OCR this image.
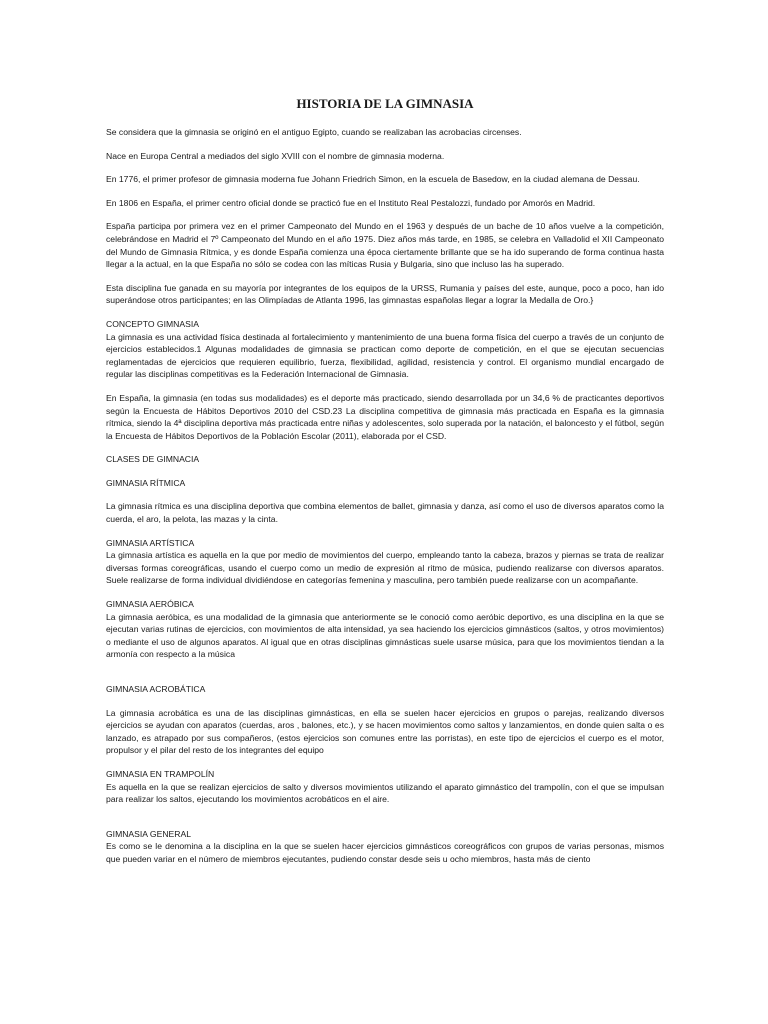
HISTORIA DE LA GIMNASIA

Se considera que la gimnasia se originó en el antiguo Egipto, cuando se realizaban las acrobacias circenses.

Nace en Europa Central a mediados del siglo XVIII con el nombre de gimnasia moderna.

En 1776, el primer profesor de gimnasia moderna fue Johann Friedrich Simon, en la escuela de Basedow, en la ciudad alemana de Dessau.

En 1806 en España, el primer centro oficial donde se practicó fue en el Instituto Real Pestalozzi, fundado por Amorós en Madrid.

España participa por primera vez en el primer Campeonato del Mundo en el 1963 y después de un bache de 10 años vuelve a la competición, celebrándose en Madrid el 7º Campeonato del Mundo en el año 1975. Diez años más tarde, en 1985, se celebra en Valladolid el XII Campeonato del Mundo de Gimnasia Rítmica, y es donde España comienza una época ciertamente brillante que se ha ido superando de forma continua hasta llegar a la actual, en la que España no sólo se codea con las míticas Rusia y Bulgaria, sino que incluso las ha superado.

Esta disciplina fue ganada en su mayoría por integrantes de los equipos de la URSS, Rumania y países del este, aunque, poco a poco, han ido superándose otros participantes; en las Olimpíadas de Atlanta 1996, las gimnastas españolas llegar a lograr la Medalla de Oro.}

CONCEPTO GIMNASIA

La gimnasia es una actividad física destinada al fortalecimiento y mantenimiento de una buena forma física del cuerpo a través de un conjunto de ejercicios establecidos.1 Algunas modalidades de gimnasia se practican como deporte de competición, en el que se ejecutan secuencias reglamentadas de ejercicios que requieren equilibrio, fuerza, flexibilidad, agilidad, resistencia y control. El organismo mundial encargado de regular las disciplinas competitivas es la Federación Internacional de Gimnasia.

En España, la gimnasia (en todas sus modalidades) es el deporte más practicado, siendo desarrollada por un 34,6 % de practicantes deportivos según la Encuesta de Hábitos Deportivos 2010 del CSD.23 La disciplina competitiva de gimnasia más practicada en España es la gimnasia rítmica, siendo la 4ª disciplina deportiva más practicada entre niñas y adolescentes, solo superada por la natación, el baloncesto y el fútbol, según la Encuesta de Hábitos Deportivos de la Población Escolar (2011), elaborada por el CSD.

CLASES DE GIMNACIA
GIMNASIA RÍTMICA

La gimnasia rítmica es una disciplina deportiva que combina elementos de ballet, gimnasia y danza, así como el uso de diversos aparatos como la cuerda, el aro, la pelota, las mazas y la cinta.

GIMNASIA ARTÍSTICA

La gimnasia artística es aquella en la que por medio de movimientos del cuerpo, empleando tanto la cabeza, brazos y piernas se trata de realizar diversas formas coreográficas, usando el cuerpo como un medio de expresión al ritmo de música, pudiendo realizarse con diversos aparatos. Suele realizarse de forma individual dividiéndose en categorías femenina y masculina, pero también puede realizarse con un acompañante.

GIMNASIA AERÓBICA

La gimnasia aeróbica, es una modalidad de la gimnasia que anteriormente se le conoció como aeróbic deportivo, es una disciplina en la que se ejecutan varias rutinas de ejercicios, con movimientos de alta intensidad, ya sea haciendo los ejercicios gimnásticos (saltos, y otros movimientos) o mediante el uso de algunos aparatos. Al igual que en otras disciplinas gimnásticas suele usarse música, para que los movimientos tiendan a la armonía con respecto a la música

GIMNASIA ACROBÁTICA

La gimnasia acrobática es una de las disciplinas gimnásticas, en ella se suelen hacer ejercicios en grupos o parejas, realizando diversos ejercicios se ayudan con aparatos (cuerdas, aros , balones, etc.), y se hacen movimientos como saltos y lanzamientos, en donde quien salta o es lanzado, es atrapado por sus compañeros, (estos ejercicios son comunes entre las porristas), en este tipo de ejercicios el cuerpo es el motor, propulsor y el pilar del resto de los integrantes del equipo

GIMNASIA EN TRAMPOLÍN

Es aquella en la que se realizan ejercicios de salto y diversos movimientos utilizando el aparato gimnástico del trampolín, con el que se impulsan para realizar los saltos, ejecutando los movimientos acrobáticos en el aire.

GIMNASIA GENERAL

Es como se le denomina a la disciplina en la que se suelen hacer ejercicios gimnásticos coreográficos con grupos de varias personas, mismos que pueden variar en el número de miembros ejecutantes, pudiendo constar desde seis u ocho miembros, hasta más de ciento
